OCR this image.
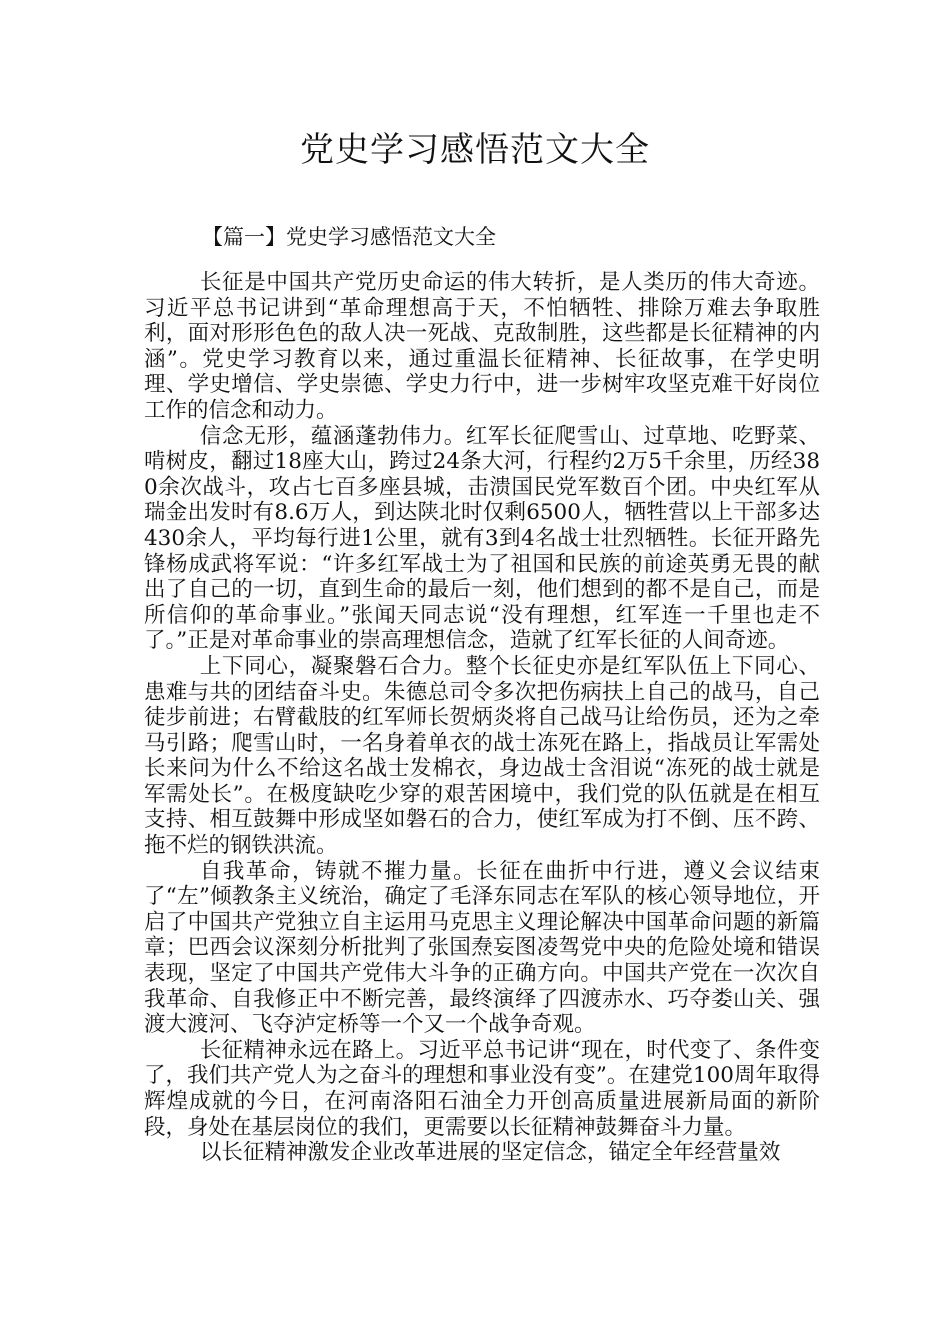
党史学习感悟范文大全
【篇一】党史学习感悟范文大全

长征是中国共产党历史命运的伟大转折，是人类历的伟大奇迹。习近平总书记讲到“革命理想高于天，不怕牺牲、排除万难去争取胜利，面对形形色色的敌人决一死战、克敌制胜，这些都是长征精神的内涵”。党史学习教育以来，通过重温长征精神、长征故事，在学史明理、学史增信、学史崇德、学史力行中，进一步树牢攻坚克难干好岗位工作的信念和动力。

信念无形，蕴涵蓬勃伟力。红军长征爬雪山、过草地、吃野菜、啃树皮，翻过18座大山，跨过24条大河，行程约2万5千余里，历经380余次战斗，攻占七百多座县城，击溃国民党军数百个团。中央红军从瑞金出发时有8.6万人，到达陕北时仅剩6500人，牺牲营以上干部多达430余人，平均每行进1公里，就有3到4名战士壮烈牺牲。长征开路先锋杨成武将军说：“许多红军战士为了祖国和民族的前途英勇无畏的献出了自己的一切，直到生命的最后一刻，他们想到的都不是自己，而是所信仰的革命事业。”张闻天同志说“没有理想，红军连一千里也走不了。”正是对革命事业的崇高理想信念，造就了红军长征的人间奇迹。

上下同心，凝聚磐石合力。整个长征史亦是红军队伍上下同心、患难与共的团结奋斗史。朱德总司令多次把伤病扶上自己的战马，自己徒步前进；右臂截肢的红军师长贺炳炎将自己战马让给伤员，还为之牵马引路；爬雪山时，一名身着单衣的战士冻死在路上，指战员让军需处长来问为什么不给这名战士发棉衣，身边战士含泪说“冻死的战士就是军需处长”。在极度缺吃少穿的艰苦困境中，我们党的队伍就是在相互支持、相互鼓舞中形成坚如磐石的合力，使红军成为打不倒、压不跨、拖不烂的钢铁洪流。

自我革命，铸就不摧力量。长征在曲折中行进，遵义会议结束了“左”倾教条主义统治，确定了毛泽东同志在军队的核心领导地位，开启了中国共产党独立自主运用马克思主义理论解决中国革命问题的新篇章；巴西会议深刻分析批判了张国焘妄图凌驾党中央的危险处境和错误表现，坚定了中国共产党伟大斗争的正确方向。中国共产党在一次次自我革命、自我修正中不断完善，最终演绎了四渡赤水、巧夺娄山关、强渡大渡河、飞夺泸定桥等一个又一个战争奇观。

长征精神永远在路上。习近平总书记讲“现在，时代变了、条件变了，我们共产党人为之奋斗的理想和事业没有变”。在建党100周年取得辉煌成就的今日，在河南洛阳石油全力开创高质量进展新局面的新阶段，身处在基层岗位的我们，更需要以长征精神鼓舞奋斗力量。

以长征精神激发企业改革进展的坚定信念，锚定全年经营量效
